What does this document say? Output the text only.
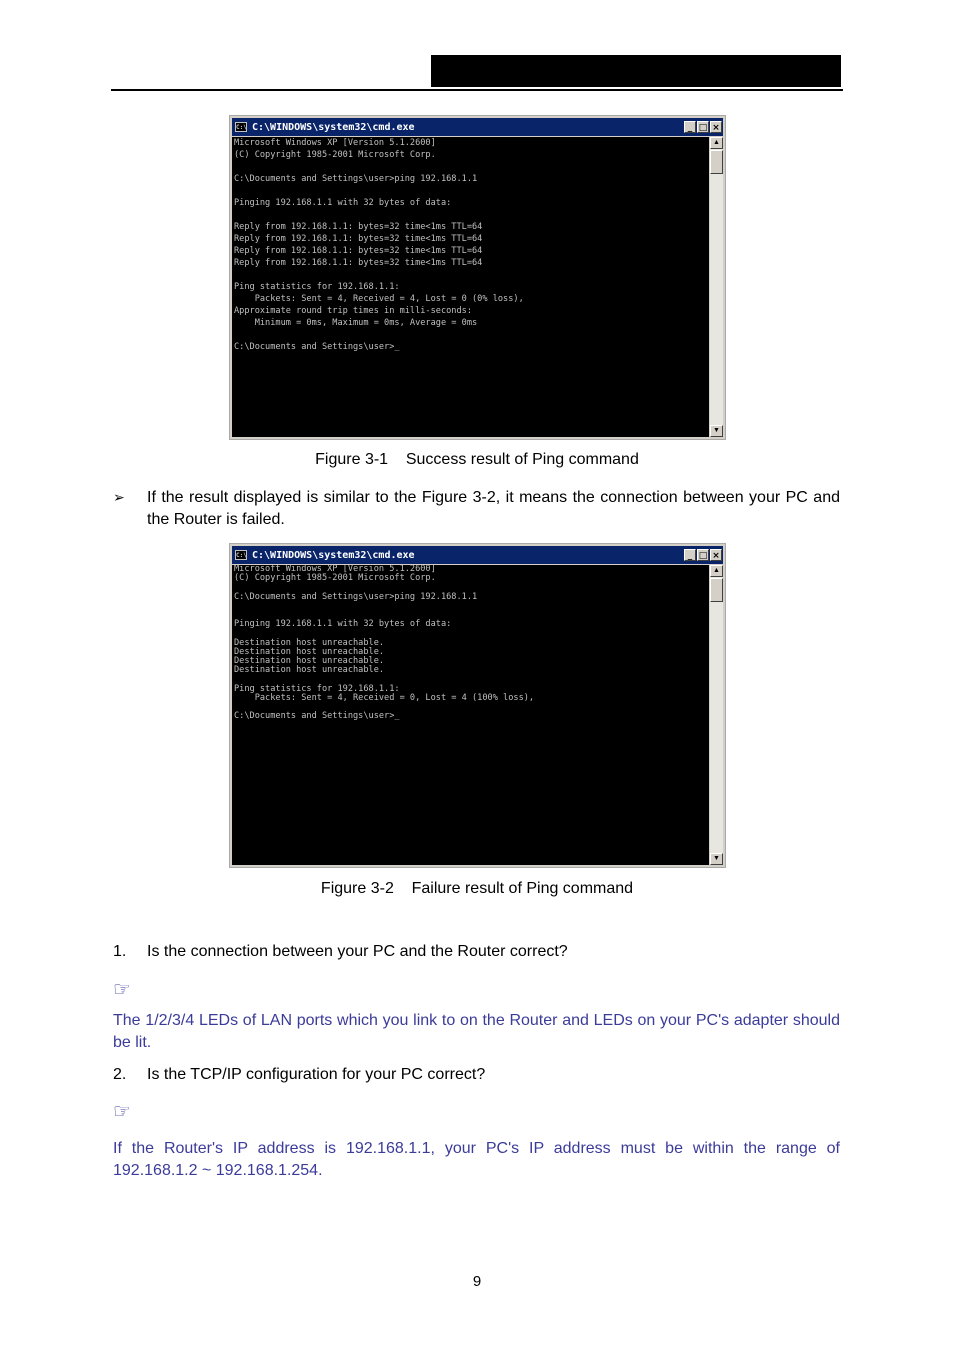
C:\ C:\WINDOWS\system32\cmd.exe	_ □ ×
Microsoft Windows XP [Version 5.1.2600]
(C) Copyright 1985-2001 Microsoft Corp.

C:\Documents and Settings\user>ping 192.168.1.1

Pinging 192.168.1.1 with 32 bytes of data:

Reply from 192.168.1.1: bytes=32 time<1ms TTL=64
Reply from 192.168.1.1: bytes=32 time<1ms TTL=64
Reply from 192.168.1.1: bytes=32 time<1ms TTL=64
Reply from 192.168.1.1: bytes=32 time<1ms TTL=64

Ping statistics for 192.168.1.1:
Packets: Sent = 4, Received = 4, Lost = 0 (0% loss),
Approximate round trip times in milli-seconds:
Minimum = 0ms, Maximum = 0ms, Average = 0ms

C:\Documents and Settings\user>_
▲
▼
Figure 3-1    Success result of Ping command
➢ If the result displayed is similar to the Figure 3-2, it means the connection between your PC and the Router is failed.
C:\ C:\WINDOWS\system32\cmd.exe	_ □ ×
Microsoft Windows XP [Version 5.1.2600]
(C) Copyright 1985-2001 Microsoft Corp.

C:\Documents and Settings\user>ping 192.168.1.1

Pinging 192.168.1.1 with 32 bytes of data:

Destination host unreachable.
Destination host unreachable.
Destination host unreachable.
Destination host unreachable.

Ping statistics for 192.168.1.1:
Packets: Sent = 4, Received = 0, Lost = 4 (100% loss),

C:\Documents and Settings\user>_
▲
▼
Figure 3-2    Failure result of Ping command
1. Is the connection between your PC and the Router correct?
☞
The 1/2/3/4 LEDs of LAN ports which you link to on the Router and LEDs on your PC's adapter should be lit.
2. Is the TCP/IP configuration for your PC correct?
☞
If the Router's IP address is 192.168.1.1, your PC's IP address must be within the range of 192.168.1.2 ~ 192.168.1.254.
9
